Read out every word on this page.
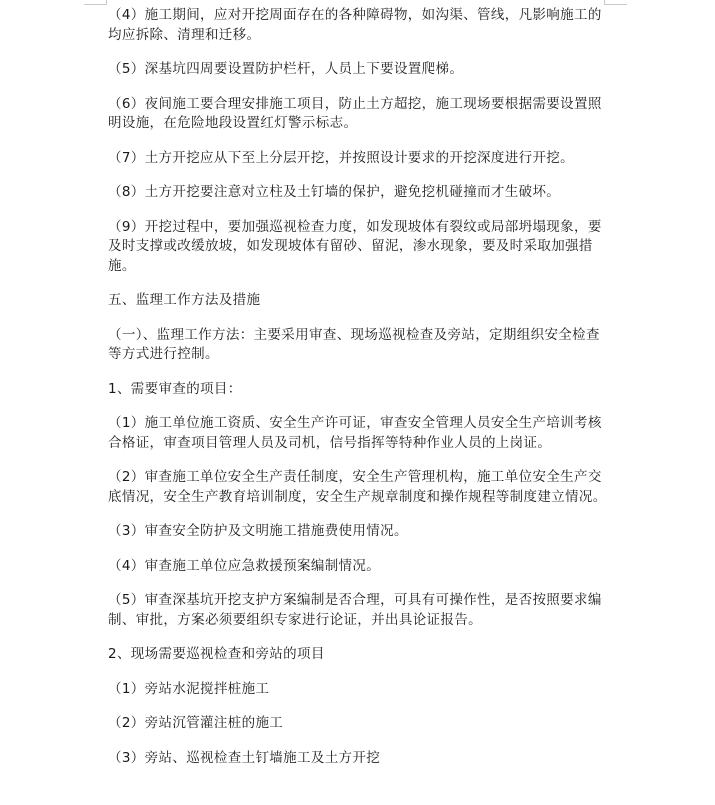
（4）施工期间，应对开挖周面存在的各种障碍物，如沟渠、管线，凡影响施工的均应拆除、清理和迁移。

（5）深基坑四周要设置防护栏杆，人员上下要设置爬梯。

（6）夜间施工要合理安排施工项目，防止土方超挖，施工现场要根据需要设置照明设施，在危险地段设置红灯警示标志。

（7）土方开挖应从下至上分层开挖，并按照设计要求的开挖深度进行开挖。

（8）土方开挖要注意对立柱及土钉墙的保护，避免挖机碰撞而才生破坏。

（9）开挖过程中，要加强巡视检查力度，如发现坡体有裂纹或局部坍塌现象，要及时支撑或改缓放坡，如发现坡体有留砂、留泥，渗水现象，要及时采取加强措施。

五、监理工作方法及措施

（一）、监理工作方法：主要采用审查、现场巡视检查及旁站，定期组织安全检查等方式进行控制。

1、需要审查的项目：

（1）施工单位施工资质、安全生产许可证，审查安全管理人员安全生产培训考核合格证，审查项目管理人员及司机，信号指挥等特种作业人员的上岗证。

（2）审查施工单位安全生产责任制度，安全生产管理机构，施工单位安全生产交底情况，安全生产教育培训制度，安全生产规章制度和操作规程等制度建立情况。

（3）审查安全防护及文明施工措施费使用情况。

（4）审查施工单位应急救援预案编制情况。

（5）审查深基坑开挖支护方案编制是否合理，可具有可操作性，是否按照要求编制、审批，方案必须要组织专家进行论证，并出具论证报告。

2、现场需要巡视检查和旁站的项目

（1）旁站水泥搅拌桩施工

（2）旁站沉管灌注桩的施工

（3）旁站、巡视检查土钉墙施工及土方开挖
